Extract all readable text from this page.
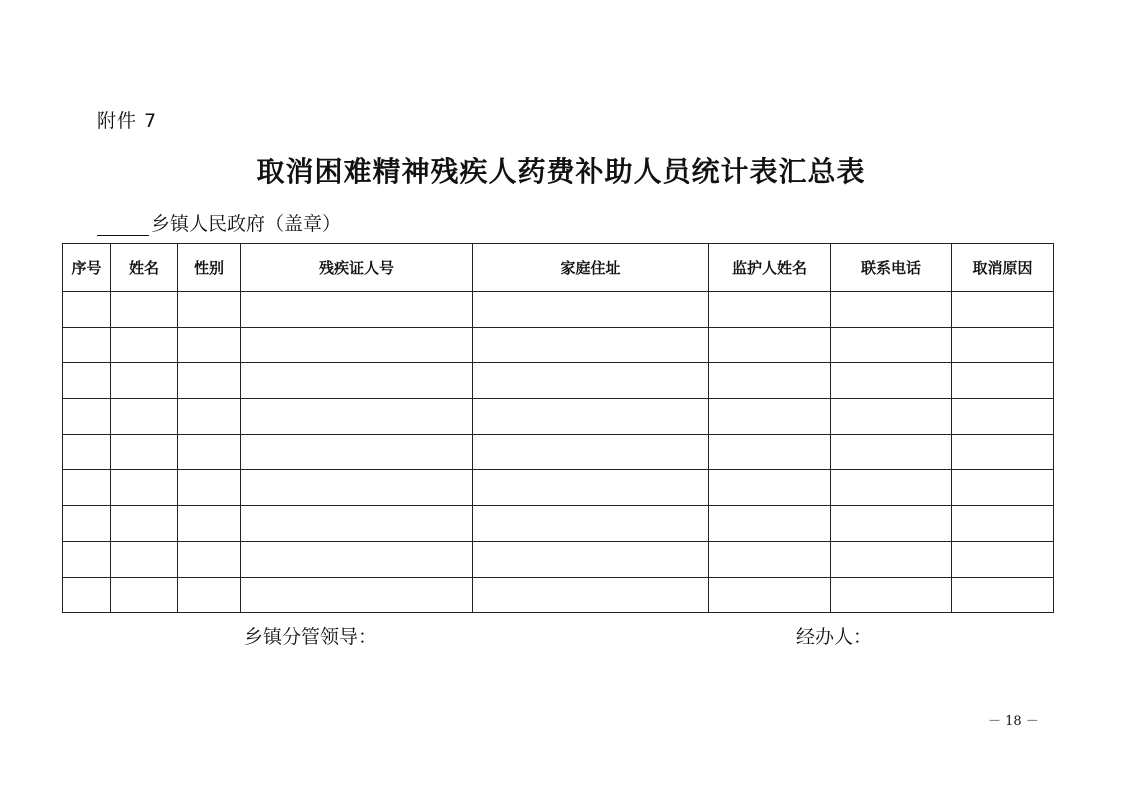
附件 7
取消困难精神残疾人药费补助人员统计表汇总表
乡镇人民政府（盖章）
序号	姓名	性别	残疾证人号	家庭住址	监护人姓名	联系电话	取消原因

乡镇分管领导：	经办人：
－ 18 －
